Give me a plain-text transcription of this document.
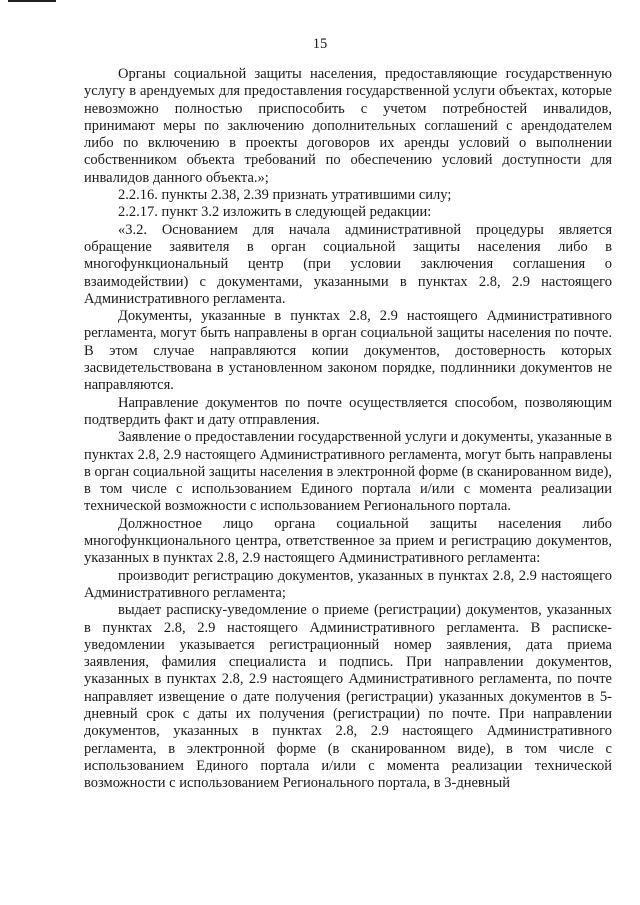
15

Органы социальной защиты населения, предоставляющие государственную услугу в арендуемых для предоставления государственной услуги объектах, которые невозможно полностью приспособить с учетом потребностей инвалидов, принимают меры по заключению дополнительных соглашений с арендодателем либо по включению в проекты договоров их аренды условий о выполнении собственником объекта требований по обеспечению условий доступности для инвалидов данного объекта.»;

2.2.16. пункты 2.38, 2.39 признать утратившими силу;

2.2.17. пункт 3.2 изложить в следующей редакции:

«3.2. Основанием для начала административной процедуры является обращение заявителя в орган социальной защиты населения либо в многофункциональный центр (при условии заключения соглашения о взаимодействии) с документами, указанными в пунктах 2.8, 2.9 настоящего Административного регламента.

Документы, указанные в пунктах 2.8, 2.9 настоящего Административного регламента, могут быть направлены в орган социальной защиты населения по почте. В этом случае направляются копии документов, достоверность которых засвидетельствована в установленном законом порядке, подлинники документов не направляются.

Направление документов по почте осуществляется способом, позволяющим подтвердить факт и дату отправления.

Заявление о предоставлении государственной услуги и документы, указанные в пунктах 2.8, 2.9 настоящего Административного регламента, могут быть направлены в орган социальной защиты населения в электронной форме (в сканированном виде), в том числе с использованием Единого портала и/или с момента реализации технической возможности с использованием Регионального портала.

Должностное лицо органа социальной защиты населения либо многофункционального центра, ответственное за прием и регистрацию документов, указанных в пунктах 2.8, 2.9 настоящего Административного регламента:

производит регистрацию документов, указанных в пунктах 2.8, 2.9 настоящего Административного регламента;

выдает расписку-уведомление о приеме (регистрации) документов, указанных в пунктах 2.8, 2.9 настоящего Административного регламента. В расписке-уведомлении указывается регистрационный номер заявления, дата приема заявления, фамилия специалиста и подпись. При направлении документов, указанных в пунктах 2.8, 2.9 настоящего Административного регламента, по почте направляет извещение о дате получения (регистрации) указанных документов в 5-дневный срок с даты их получения (регистрации) по почте. При направлении документов, указанных в пунктах 2.8, 2.9 настоящего Административного регламента, в электронной форме (в сканированном виде), в том числе с использованием Единого портала и/или с момента реализации технической возможности с использованием Регионального портала, в 3-дневный
